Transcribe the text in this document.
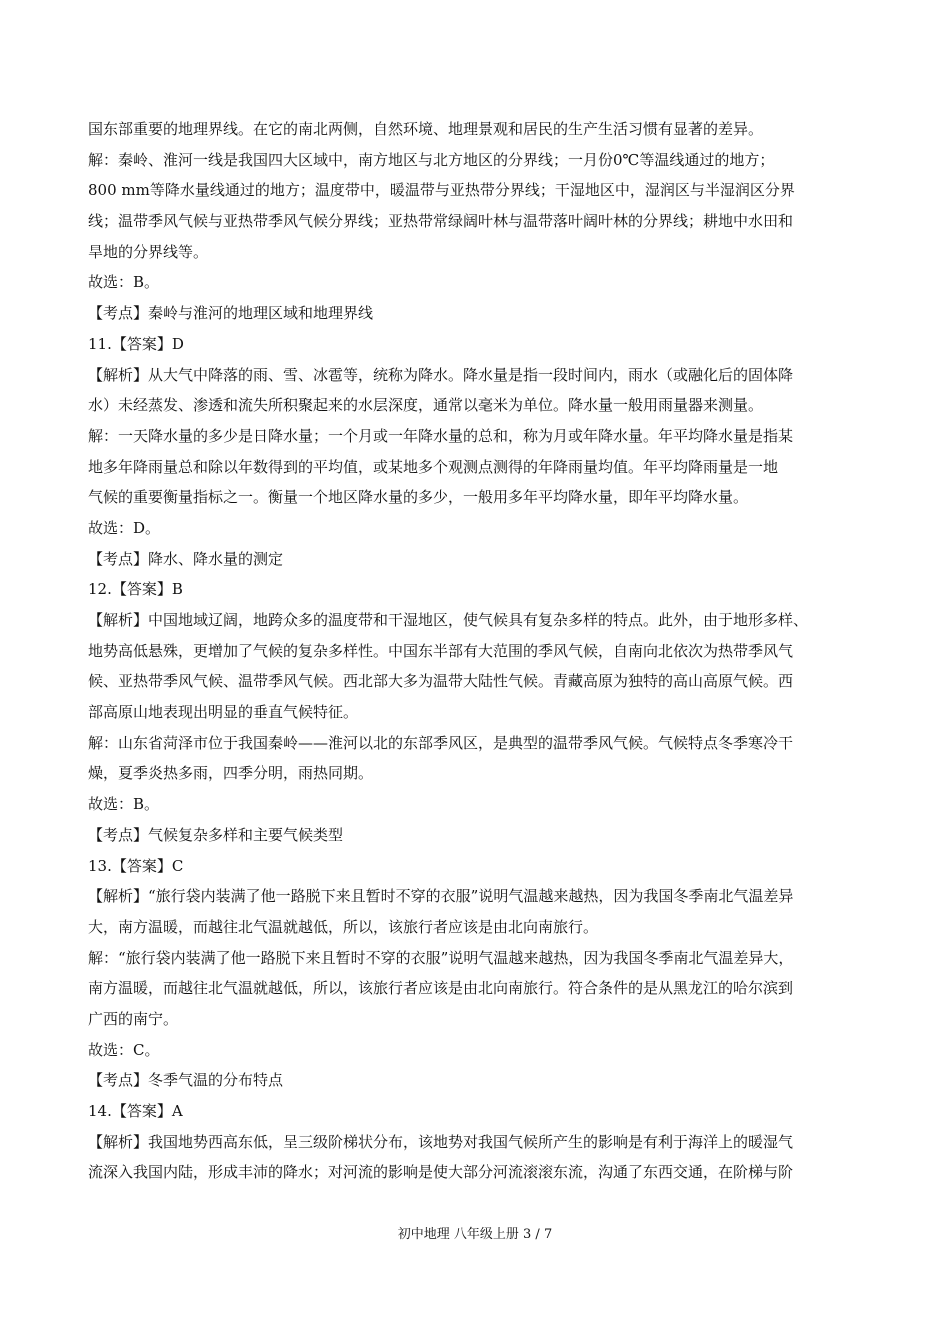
国东部重要的地理界线。在它的南北两侧，自然环境、地理景观和居民的生产生活习惯有显著的差异。
解：秦岭、淮河一线是我国四大区域中，南方地区与北方地区的分界线；一月份0℃等温线通过的地方；
800 mm等降水量线通过的地方；温度带中，暖温带与亚热带分界线；干湿地区中，湿润区与半湿润区分界
线；温带季风气候与亚热带季风气候分界线；亚热带常绿阔叶林与温带落叶阔叶林的分界线；耕地中水田和
旱地的分界线等。
故选：B。
【考点】秦岭与淮河的地理区域和地理界线
11.【答案】D
【解析】从大气中降落的雨、雪、冰雹等，统称为降水。降水量是指一段时间内，雨水（或融化后的固体降
水）未经蒸发、渗透和流失所积聚起来的水层深度，通常以毫米为单位。降水量一般用雨量器来测量。
解：一天降水量的多少是日降水量；一个月或一年降水量的总和，称为月或年降水量。年平均降水量是指某
地多年降雨量总和除以年数得到的平均值，或某地多个观测点测得的年降雨量均值。年平均降雨量是一地
气候的重要衡量指标之一。衡量一个地区降水量的多少，一般用多年平均降水量，即年平均降水量。
故选：D。
【考点】降水、降水量的测定
12.【答案】B
【解析】中国地域辽阔，地跨众多的温度带和干湿地区，使气候具有复杂多样的特点。此外，由于地形多样、
地势高低悬殊，更增加了气候的复杂多样性。中国东半部有大范围的季风气候，自南向北依次为热带季风气
候、亚热带季风气候、温带季风气候。西北部大多为温带大陆性气候。青藏高原为独特的高山高原气候。西
部高原山地表现出明显的垂直气候特征。
解：山东省菏泽市位于我国秦岭——淮河以北的东部季风区，是典型的温带季风气候。气候特点冬季寒冷干
燥，夏季炎热多雨，四季分明，雨热同期。
故选：B。
【考点】气候复杂多样和主要气候类型
13.【答案】C
【解析】“旅行袋内装满了他一路脱下来且暂时不穿的衣服”说明气温越来越热，因为我国冬季南北气温差异
大，南方温暖，而越往北气温就越低，所以，该旅行者应该是由北向南旅行。
解：“旅行袋内装满了他一路脱下来且暂时不穿的衣服”说明气温越来越热，因为我国冬季南北气温差异大，
南方温暖，而越往北气温就越低，所以，该旅行者应该是由北向南旅行。符合条件的是从黑龙江的哈尔滨到
广西的南宁。
故选：C。
【考点】冬季气温的分布特点
14.【答案】A
【解析】我国地势西高东低，呈三级阶梯状分布，该地势对我国气候所产生的影响是有利于海洋上的暖湿气
流深入我国内陆，形成丰沛的降水；对河流的影响是使大部分河流滚滚东流，沟通了东西交通，在阶梯与阶
初中地理 八年级上册 3 / 7
